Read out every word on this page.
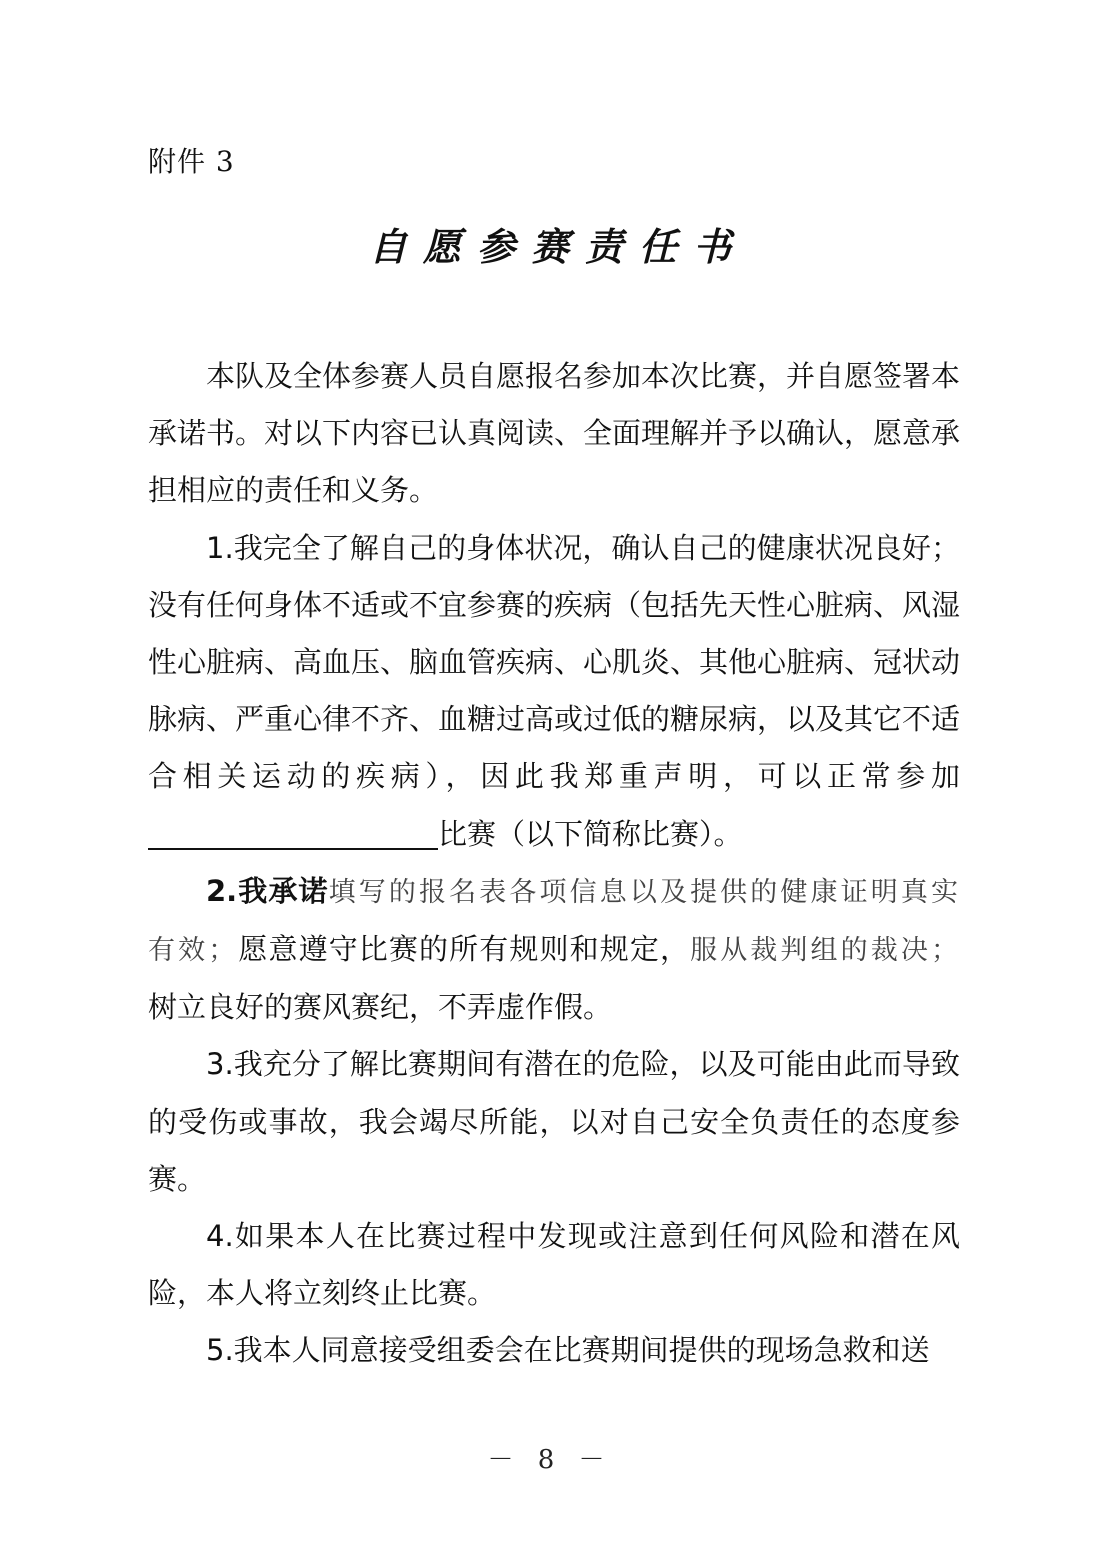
附件 3
自愿参赛责任书

本队及全体参赛人员自愿报名参加本次比赛，并自愿签署本承诺书。对以下内容已认真阅读、全面理解并予以确认，愿意承担相应的责任和义务。

1.我完全了解自己的身体状况，确认自己的健康状况良好；没有任何身体不适或不宜参赛的疾病（包括先天性心脏病、风湿性心脏病、高血压、脑血管疾病、心肌炎、其他心脏病、冠状动脉病、严重心律不齐、血糖过高或过低的糖尿病，以及其它不适合相关运动的疾病），因此我郑重声明，可以正常参加比赛（以下简称比赛）。

2.我承诺填写的报名表各项信息以及提供的健康证明真实有效；愿意遵守比赛的所有规则和规定，服从裁判组的裁决；树立良好的赛风赛纪，不弄虚作假。

3.我充分了解比赛期间有潜在的危险，以及可能由此而导致的受伤或事故，我会竭尽所能，以对自己安全负责任的态度参赛。

4.如果本人在比赛过程中发现或注意到任何风险和潜在风险，本人将立刻终止比赛。

5.我本人同意接受组委会在比赛期间提供的现场急救和送

－ 8 －
